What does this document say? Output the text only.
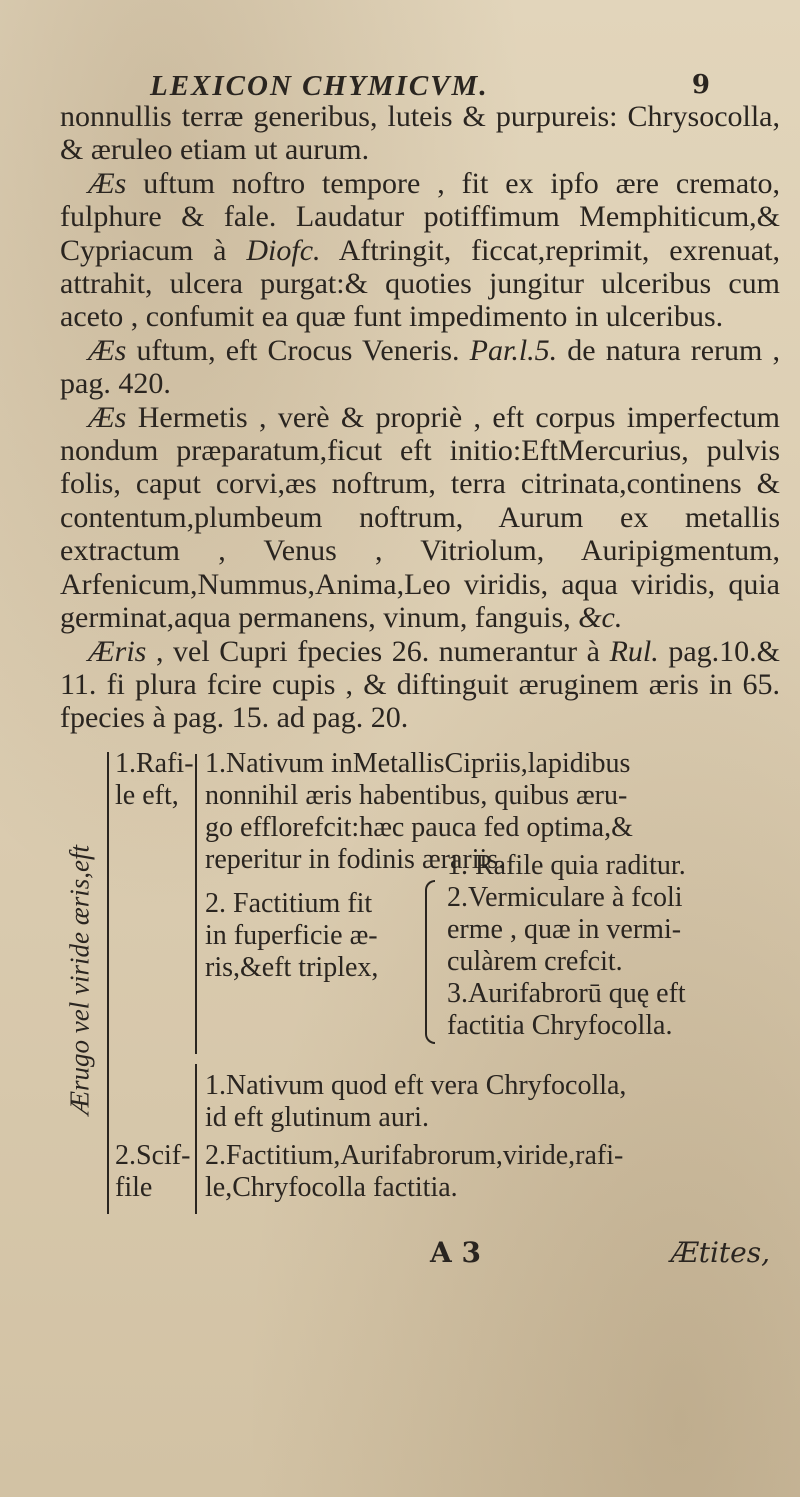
LEXICON CHYMICVM.	9

nonnullis terræ generibus, luteis & purpureis: Chrysocolla, & æruleo etiam ut aurum.

Æs uftum noftro tempore , fit ex ipfo ære cremato, fulphure & fale. Laudatur potiffimum Memphiticum,& Cypriacum à Diofc. Aftringit, ficcat,reprimit, exrenuat, attrahit, ulcera purgat:& quoties jungitur ulceribus cum aceto , confumit ea quæ funt impedimento in ulceribus.

Æs uftum, eft Crocus Veneris. Par.l.5. de natura rerum , pag. 420.

Æs Hermetis , verè & propriè , eft corpus imperfectum nondum præparatum,ficut eft initio:EftMercurius, pulvis folis, caput corvi,æs noftrum, terra citrinata,continens & contentum,plumbeum noftrum, Aurum ex metallis extractum , Venus , Vitriolum, Auripigmentum, Arfenicum,Nummus,Anima,Leo viridis, aqua viridis, quia germinat,aqua permanens, vinum, fanguis, &c.

Æris , vel Cupri fpecies 26. numerantur à Rul. pag.10.& 11. fi plura fcire cupis , & diftinguit æruginem æris in 65. fpecies à pag. 15. ad pag. 20.

Ærugo vel viride æris,eft
1.Rafi-
le eft,
1.Nativum inMetallisCipriis,lapidibus
nonnihil æris habentibus, quibus æru-
go efflorefcit:hæc pauca fed optima,&
reperitur in fodinis ærariis.
2. Factitium fit
in fuperficie æ-
ris,&eft triplex,
1. Rafile quia raditur.
2.Vermiculare à fcoli
erme , quæ in vermi-
culàrem crefcit.
3.Aurifabrorū quę eft
factitia Chryfocolla.
2.Scif-
file
1.Nativum quod eft vera Chryfocolla,
id eft glutinum auri.
2.Factitium,Aurifabrorum,viride,rafi-
le,Chryfocolla factitia.
A 3	Ætites,
